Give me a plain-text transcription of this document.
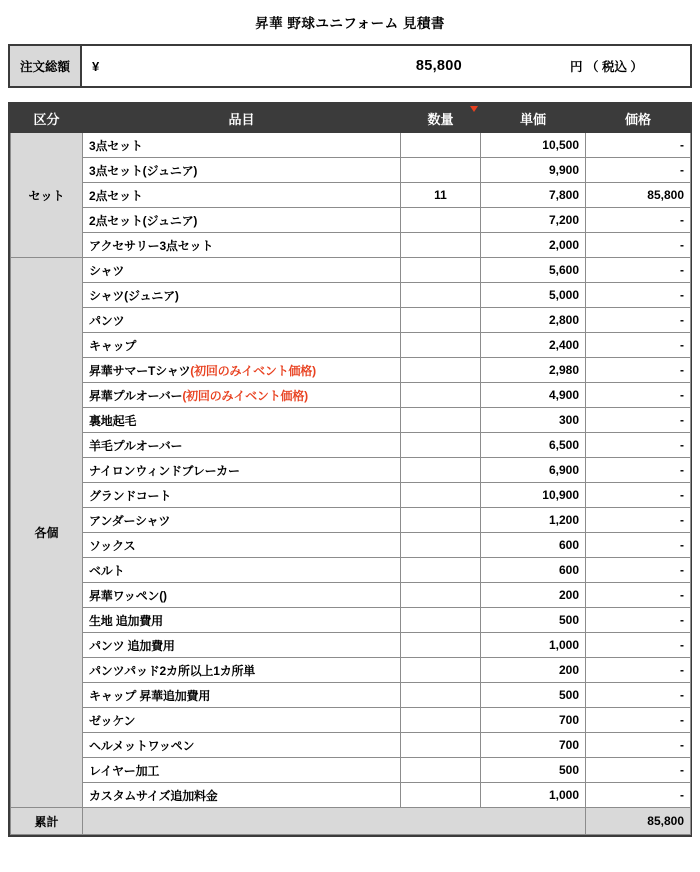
昇華 野球ユニフォーム 見積書
注文総額	¥	85,800	円 （ 税込 ）
区分	品目	数量	単価	価格
セット	3点セット		10,500	-
	3点セット(ジュニア)		9,900	-
	2点セット	11	7,800	85,800
	2点セット(ジュニア)		7,200	-
	アクセサリー3点セット		2,000	-
各個	シャツ		5,600	-
	シャツ(ジュニア)		5,000	-
	パンツ		2,800	-
	キャップ		2,400	-
	昇華サマーTシャツ(初回のみイベント価格)		2,980	-
	昇華プルオーバー(初回のみイベント価格)		4,900	-
	裏地起毛		300	-
	羊毛プルオーバー		6,500	-
	ナイロンウィンドブレーカー		6,900	-
	グランドコート		10,900	-
	アンダーシャツ		1,200	-
	ソックス		600	-
	ベルト		600	-
	昇華ワッペン()		200	-
	生地 追加費用		500	-
	パンツ 追加費用		1,000	-
	パンツパッド2カ所以上1カ所単		200	-
	キャップ 昇華追加費用		500	-
	ゼッケン		700	-
	ヘルメットワッペン		700	-
	レイヤー加工		500	-
	カスタムサイズ追加料金		1,000	-
累計				85,800
